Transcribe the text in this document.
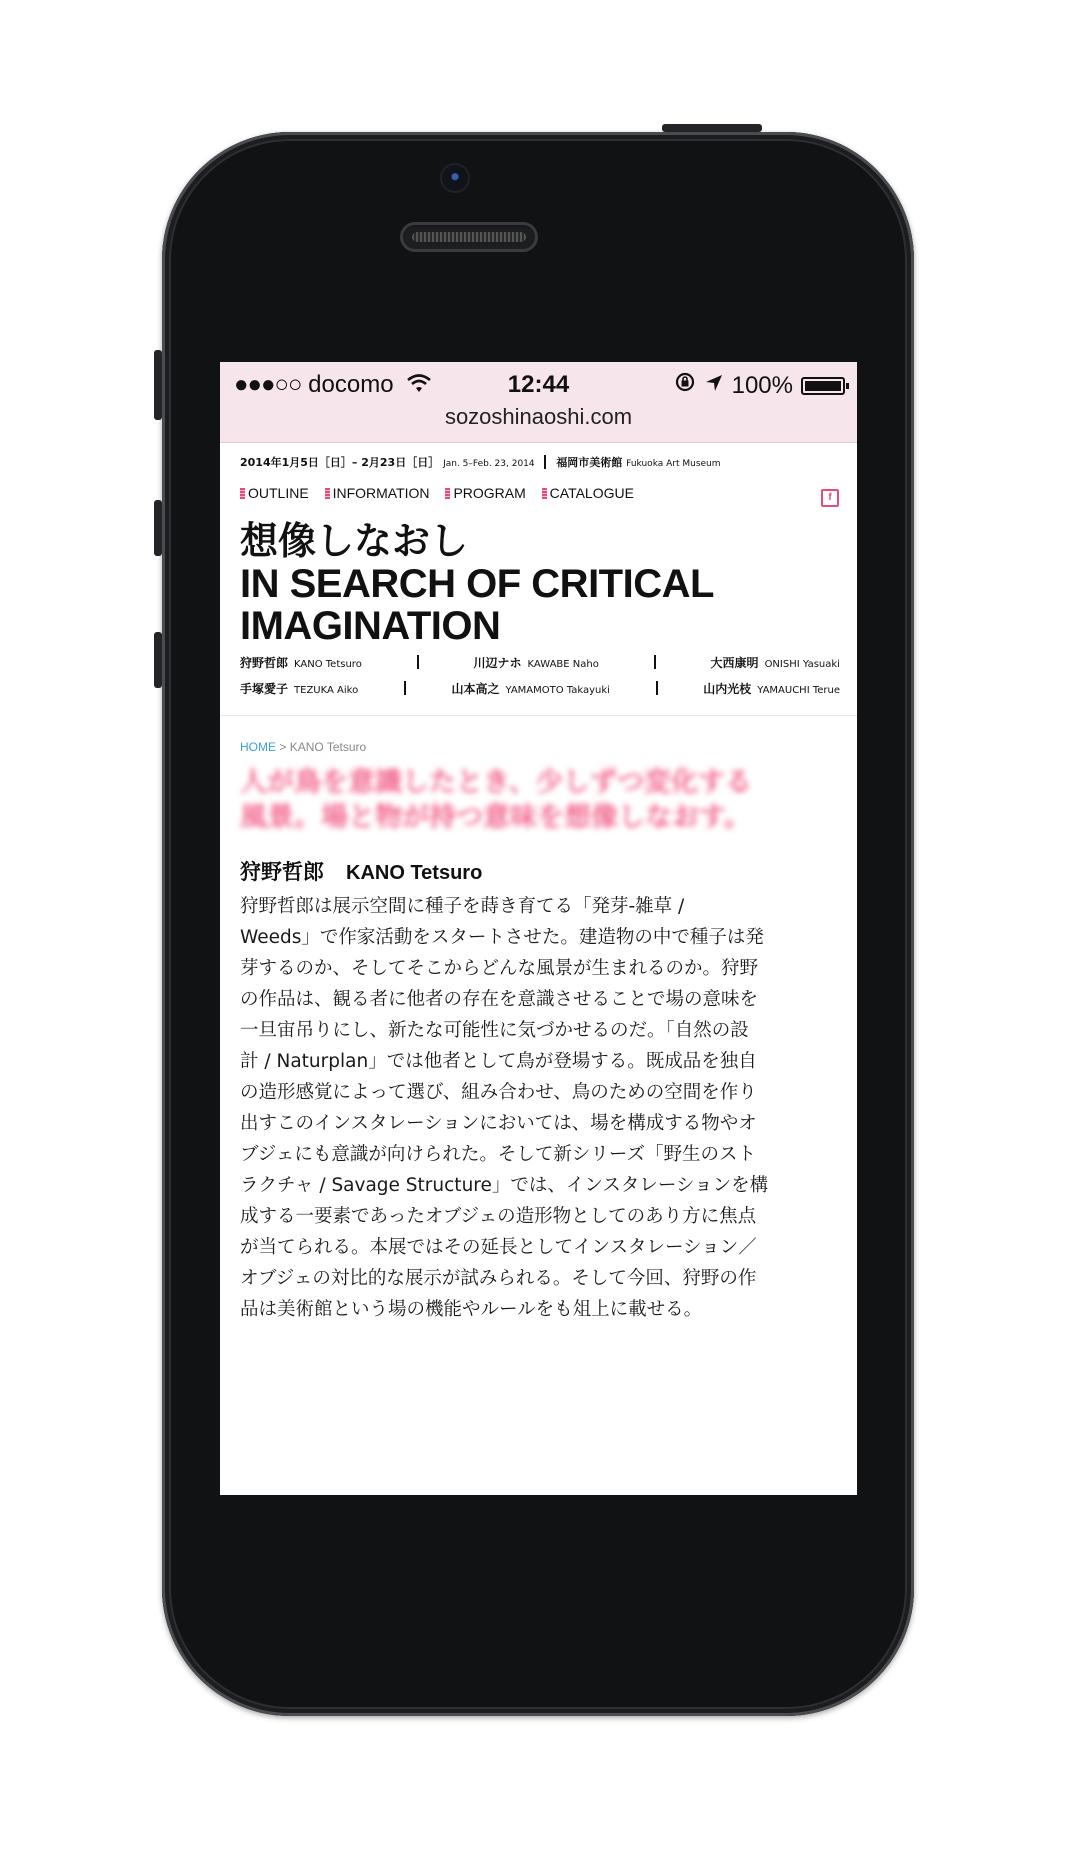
●●●○○ docomo	12:44	100%
sozoshinaoshi.com
2014年1月5日［日］– 2月23日［日］ Jan. 5–Feb. 23, 2014 福岡市美術館 Fukuoka Art Museum
OUTLINE INFORMATION PROGRAM CATALOGUE	f
想像しなおし
IN SEARCH OF CRITICAL
IMAGINATION
狩野哲郎 KANO Tetsuro	川辺ナホ KAWABE Naho	大西康明 ONISHI Yasuaki
手塚愛子 TEZUKA Aiko	山本高之 YAMAMOTO Takayuki	山内光枝 YAMAUCHI Terue
HOME > KANO Tetsuro
人が鳥を意識したとき、少しずつ変化する
風景。場と物が持つ意味を想像しなおす。
狩野哲郎 KANO Tetsuro
狩野哲郎は展示空間に種子を蒔き育てる「発芽-雑草 /
Weeds」で作家活動をスタートさせた。建造物の中で種子は発
芽するのか、そしてそこからどんな風景が生まれるのか。狩野
の作品は、観る者に他者の存在を意識させることで場の意味を
一旦宙吊りにし、新たな可能性に気づかせるのだ。「自然の設
計 / Naturplan」では他者として鳥が登場する。既成品を独自
の造形感覚によって選び、組み合わせ、鳥のための空間を作り
出すこのインスタレーションにおいては、場を構成する物やオ
ブジェにも意識が向けられた。そして新シリーズ「野生のスト
ラクチャ / Savage Structure」では、インスタレーションを構
成する一要素であったオブジェの造形物としてのあり方に焦点
が当てられる。本展ではその延長としてインスタレーション／
オブジェの対比的な展示が試みられる。そして今回、狩野の作
品は美術館という場の機能やルールをも俎上に載せる。
